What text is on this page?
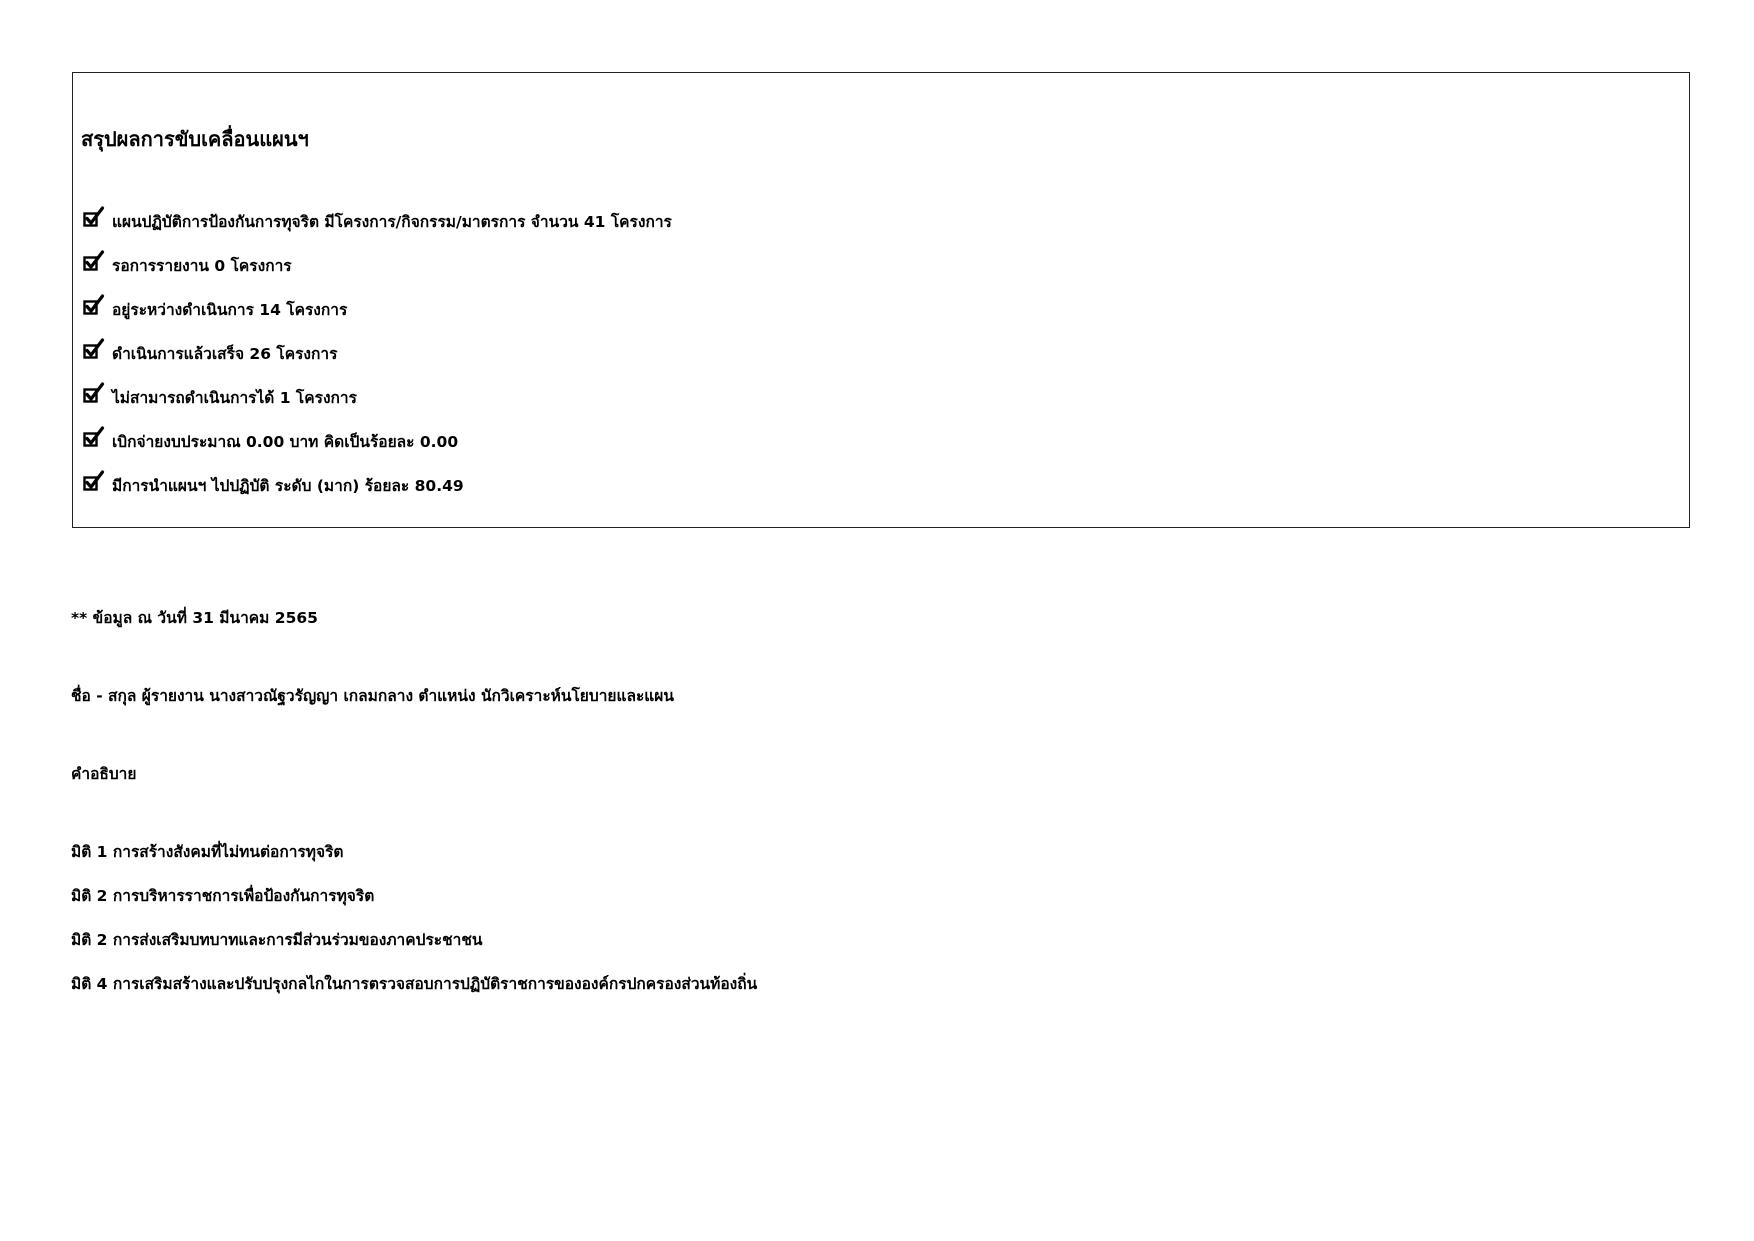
สรุปผลการขับเคลื่อนแผนฯ
แผนปฏิบัติการป้องกันการทุจริต มีโครงการ/กิจกรรม/มาตรการ จำนวน 41 โครงการ
รอการรายงาน 0 โครงการ
อยู่ระหว่างดำเนินการ 14 โครงการ
ดำเนินการแล้วเสร็จ 26 โครงการ
ไม่สามารถดำเนินการได้ 1 โครงการ
เบิกจ่ายงบประมาณ 0.00 บาท คิดเป็นร้อยละ 0.00
มีการนำแผนฯ ไปปฏิบัติ ระดับ (มาก) ร้อยละ 80.49
** ข้อมูล ณ วันที่ 31 มีนาคม 2565
ชื่อ - สกุล ผู้รายงาน นางสาวณัฐวรัญญา เกลมกลาง ตำแหน่ง นักวิเคราะห์นโยบายและแผน
คำอธิบาย
มิติ 1 การสร้างสังคมที่ไม่ทนต่อการทุจริต
มิติ 2 การบริหารราชการเพื่อป้องกันการทุจริต
มิติ 2 การส่งเสริมบทบาทและการมีส่วนร่วมของภาคประชาชน
มิติ 4 การเสริมสร้างและปรับปรุงกลไกในการตรวจสอบการปฏิบัติราชการขององค์กรปกครองส่วนท้องถิ่น
